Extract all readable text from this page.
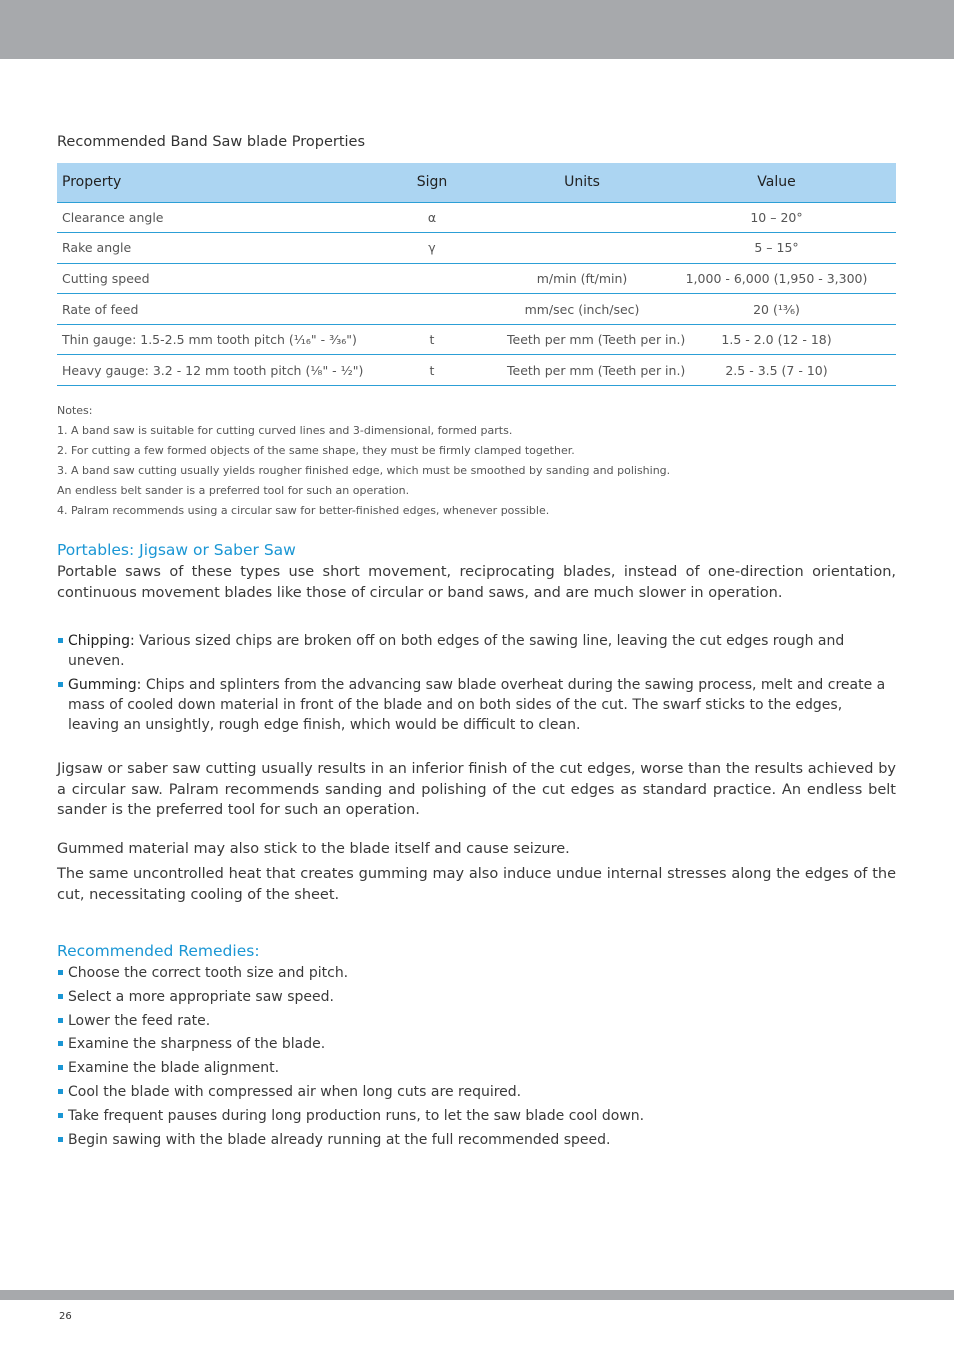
Recommended Band Saw blade Properties
Property	Sign	Units	Value
Clearance angle	α		10 – 20°
Rake angle	γ		5 – 15°
Cutting speed		m/min (ft/min)	1,000 - 6,000 (1,950 - 3,300)
Rate of feed		mm/sec (inch/sec)	20 (¹³⁄₆)
Thin gauge: 1.5-2.5 mm tooth pitch (¹⁄₁₆" - ³⁄₃₆")	t	Teeth per mm (Teeth per in.)	1.5 - 2.0 (12 - 18)
Heavy gauge: 3.2 - 12 mm tooth pitch (¹⁄₈" - ¹⁄₂")	t	Teeth per mm (Teeth per in.)	2.5 - 3.5 (7 - 10)
Notes:
1. A band saw is suitable for cutting curved lines and 3-dimensional, formed parts.
2. For cutting a few formed objects of the same shape, they must be firmly clamped together.
3. A band saw cutting usually yields rougher finished edge, which must be smoothed by sanding and polishing.
An endless belt sander is a preferred tool for such an operation.
4. Palram recommends using a circular saw for better-finished edges, whenever possible.
Portables: Jigsaw or Saber Saw

Portable saws of these types use short movement, reciprocating blades, instead of one-direction orientation, continuous movement blades like those of circular or band saws, and are much slower in operation.

Chipping: Various sized chips are broken off on both edges of the sawing line, leaving the cut edges rough and uneven.
Gumming: Chips and splinters from the advancing saw blade overheat during the sawing process, melt and create a mass of cooled down material in front of the blade and on both sides of the cut. The swarf sticks to the edges, leaving an unsightly, rough edge finish, which would be difficult to clean.

Jigsaw or saber saw cutting usually results in an inferior finish of the cut edges, worse than the results achieved by a circular saw. Palram recommends sanding and polishing of the cut edges as standard practice. An endless belt sander is the preferred tool for such an operation.

Gummed material may also stick to the blade itself and cause seizure.

The same uncontrolled heat that creates gumming may also induce undue internal stresses along the edges of the cut, necessitating cooling of the sheet.

Recommended Remedies:
Choose the correct tooth size and pitch.
Select a more appropriate saw speed.
Lower the feed rate.
Examine the sharpness of the blade.
Examine the blade alignment.
Cool the blade with compressed air when long cuts are required.
Take frequent pauses during long production runs, to let the saw blade cool down.
Begin sawing with the blade already running at the full recommended speed.
26
